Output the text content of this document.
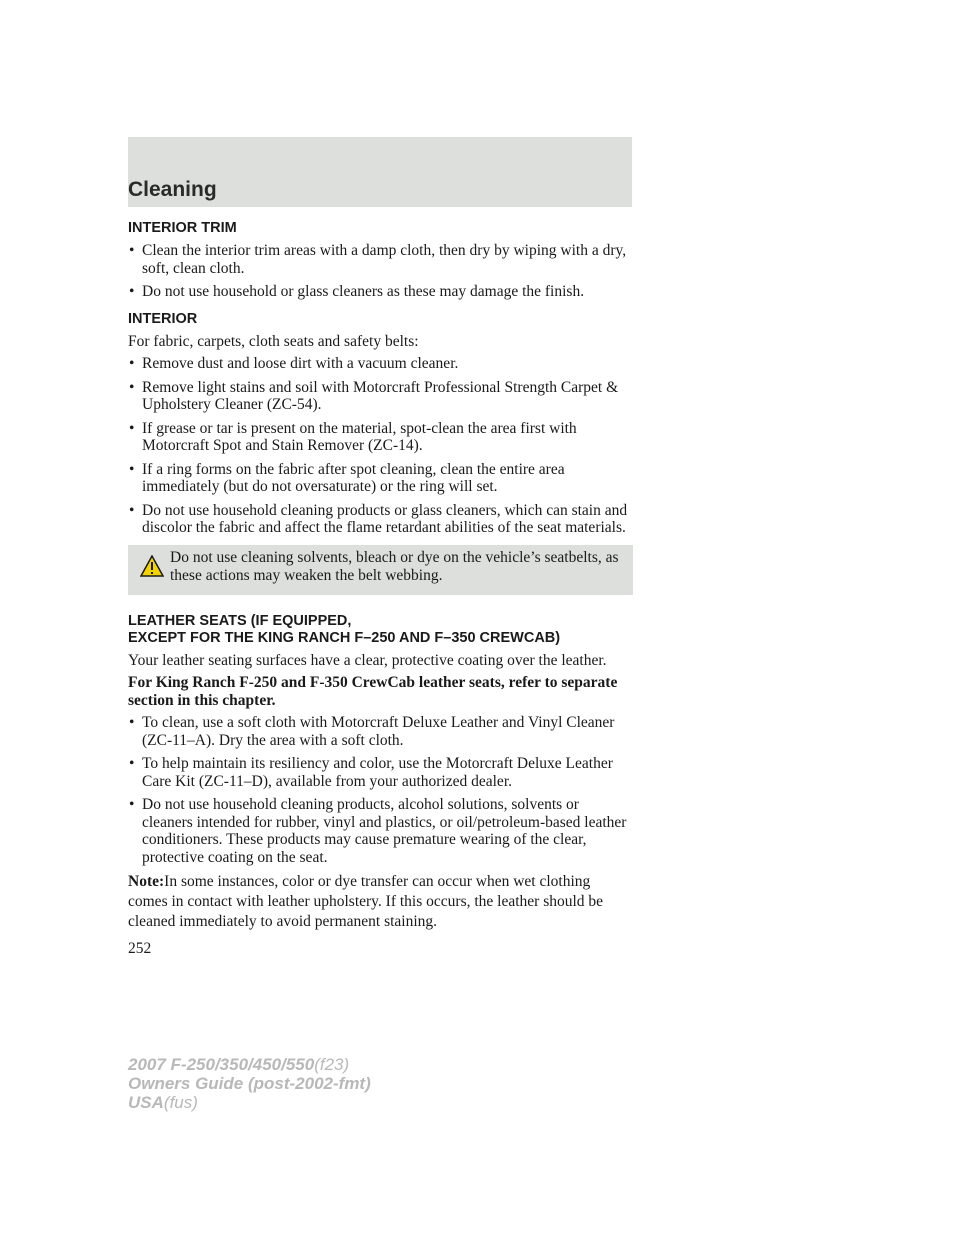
Cleaning
INTERIOR TRIM
• Clean the interior trim areas with a damp cloth, then dry by wiping with a dry, soft, clean cloth.
• Do not use household or glass cleaners as these may damage the finish.
INTERIOR

For fabric, carpets, cloth seats and safety belts:

• Remove dust and loose dirt with a vacuum cleaner.
• Remove light stains and soil with Motorcraft Professional Strength Carpet & Upholstery Cleaner (ZC-54).
• If grease or tar is present on the material, spot-clean the area first with Motorcraft Spot and Stain Remover (ZC-14).
• If a ring forms on the fabric after spot cleaning, clean the entire area immediately (but do not oversaturate) or the ring will set.
• Do not use household cleaning products or glass cleaners, which can stain and discolor the fabric and affect the flame retardant abilities of the seat materials.
Do not use cleaning solvents, bleach or dye on the vehicle’s seatbelts, as these actions may weaken the belt webbing.
LEATHER SEATS (IF EQUIPPED,
EXCEPT FOR THE KING RANCH F–250 AND F–350 CREWCAB)

Your leather seating surfaces have a clear, protective coating over the leather.

For King Ranch F-250 and F-350 CrewCab leather seats, refer to separate section in this chapter.

• To clean, use a soft cloth with Motorcraft Deluxe Leather and Vinyl Cleaner (ZC-11–A). Dry the area with a soft cloth.
• To help maintain its resiliency and color, use the Motorcraft Deluxe Leather Care Kit (ZC-11–D), available from your authorized dealer.
• Do not use household cleaning products, alcohol solutions, solvents or cleaners intended for rubber, vinyl and plastics, or oil/petroleum-based leather conditioners. These products may cause premature wearing of the clear, protective coating on the seat.

Note:In some instances, color or dye transfer can occur when wet clothing comes in contact with leather upholstery. If this occurs, the leather should be cleaned immediately to avoid permanent staining.

252
2007 F-250/350/450/550(f23)
Owners Guide (post-2002-fmt)
USA(fus)
